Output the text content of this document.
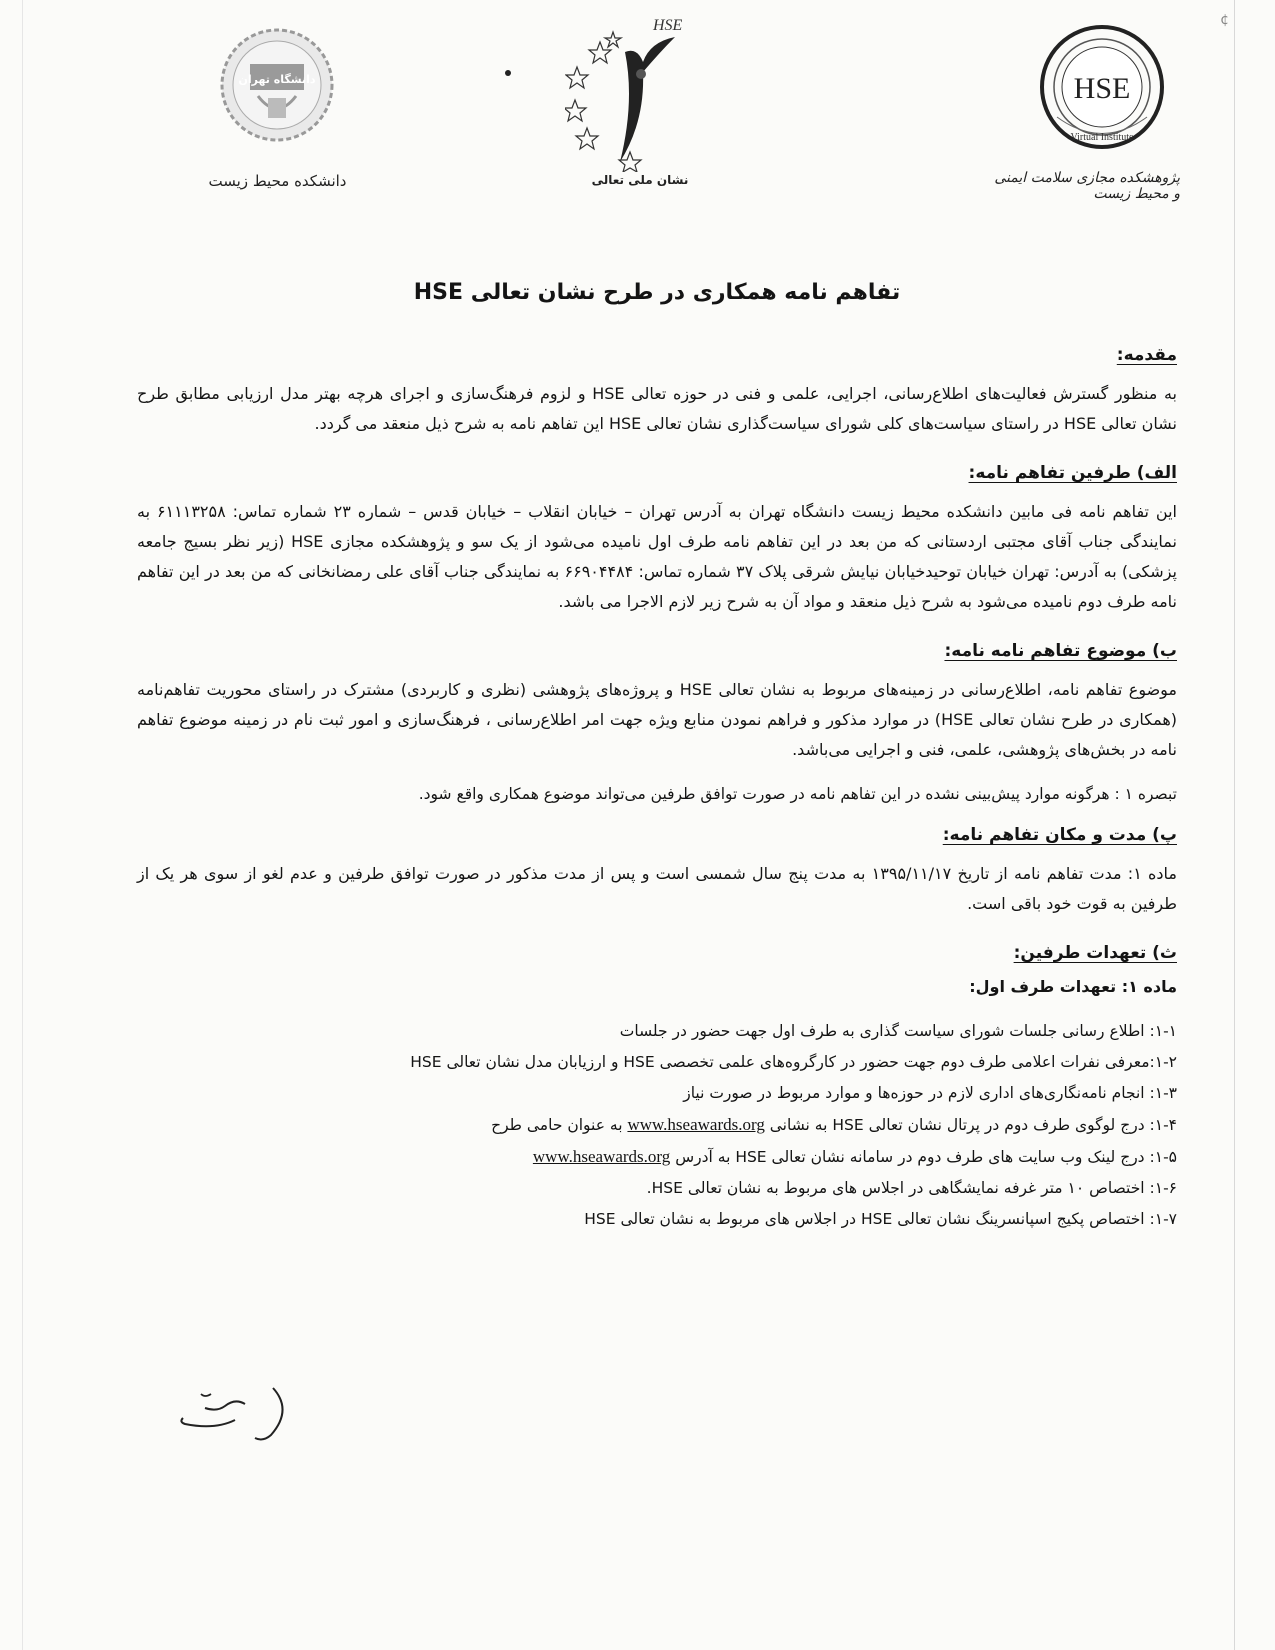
¢
HSE
Virtual Institute
پژوهشکده مجازی سلامت ایمنی و محیط زیست
HSE
نشان ملی تعالی
دانشگاه تهران
دانشکده محیط زیست
تفاهم نامه همکاری در طرح نشان تعالی HSE
مقدمه:

به منظور گسترش فعالیت‌های اطلاع‌رسانی، اجرایی، علمی و فنی در حوزه تعالی HSE و لزوم فرهنگ‌سازی و اجرای هرچه بهتر مدل ارزیابی مطابق طرح نشان تعالی HSE در راستای سیاست‌های کلی شورای سیاست‌گذاری نشان تعالی HSE این تفاهم نامه به شرح ذیل منعقد می گردد.

الف) طرفین تفاهم نامه:

این تفاهم نامه فی مابین دانشکده محیط زیست دانشگاه تهران به آدرس تهران – خیابان انقلاب – خیابان قدس – شماره ۲۳ شماره تماس: ۶۱۱۱۳۲۵۸ به نمایندگی جناب آقای مجتبی اردستانی که من بعد در این تفاهم نامه طرف اول نامیده می‌شود از یک سو و پژوهشکده مجازی HSE (زیر نظر بسیج جامعه پزشکی) به آدرس: تهران خیابان توحیدخیابان نیایش شرقی پلاک ۳۷ شماره تماس: ۶۶۹۰۴۴۸۴ به نمایندگی جناب آقای علی رمضانخانی که من بعد در این تفاهم نامه طرف دوم نامیده می‌شود به شرح ذیل منعقد و مواد آن به شرح زیر لازم الاجرا می باشد.

ب) موضوع تفاهم نامه نامه:

موضوع تفاهم نامه، اطلاع‌رسانی در زمینه‌های مربوط به نشان تعالی HSE و پروژه‌های پژوهشی (نظری و کاربردی) مشترک در راستای محوریت تفاهم‌نامه (همکاری در طرح نشان تعالی HSE) در موارد مذکور و فراهم نمودن منابع ویژه جهت امر اطلاع‌رسانی ، فرهنگ‌سازی و امور ثبت نام در زمینه موضوع تفاهم نامه در بخش‌های پژوهشی، علمی، فنی و اجرایی می‌باشد.

تبصره ۱ : هرگونه موارد پیش‌بینی نشده در این تفاهم نامه در صورت توافق طرفین می‌تواند موضوع همکاری واقع شود.

پ) مدت و مکان تفاهم نامه:

ماده ۱: مدت تفاهم نامه از تاریخ ۱۳۹۵/۱۱/۱۷ به مدت پنج سال شمسی است و پس از مدت مذکور در صورت توافق طرفین و عدم لغو از سوی هر یک از طرفین به قوت خود باقی است.

ث) تعهدات طرفین:
ماده ۱: تعهدات طرف اول:

۱-۱: اطلاع رسانی جلسات شورای سیاست گذاری به طرف اول جهت حضور در جلسات

۱-۲:معرفی نفرات اعلامی طرف دوم جهت حضور در کارگروه‌های علمی تخصصی HSE و ارزیابان مدل نشان تعالی HSE

۱-۳: انجام نامه‌نگاری‌های اداری لازم در حوزه‌ها و موارد مربوط در صورت نیاز

۱-۴: درج لوگوی طرف دوم در پرتال نشان تعالی HSE به نشانی www.hseawards.org به عنوان حامی طرح

۱-۵: درج لینک وب سایت های طرف دوم در سامانه نشان تعالی HSE به آدرس www.hseawards.org

۱-۶: اختصاص ۱۰ متر غرفه نمایشگاهی در اجلاس های مربوط به نشان تعالی HSE.

۱-۷: اختصاص پکیج اسپانسرینگ نشان تعالی HSE در اجلاس های مربوط به نشان تعالی HSE
